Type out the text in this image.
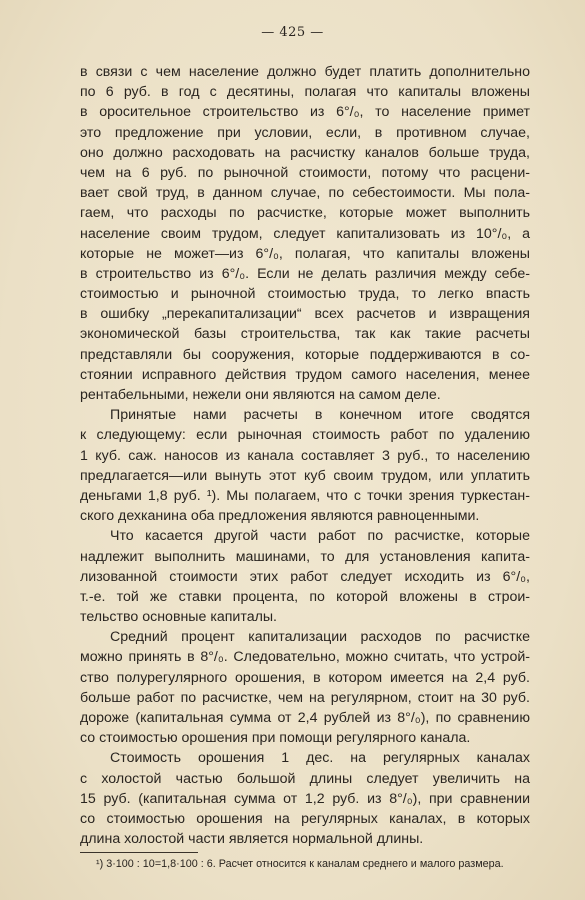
— 425 —
в связи с чем население должно будет платить дополнительно
по 6 руб. в год с десятины, полагая что капиталы вложены
в оросительное строительство из 6°/₀, то население примет
это предложение при условии, если, в противном случае,
оно должно расходовать на расчистку каналов больше труда,
чем на 6 руб. по рыночной стоимости, потому что расцени-
вает свой труд, в данном случае, по себестоимости. Мы пола-
гаем, что расходы по расчистке, которые может выполнить
население своим трудом, следует капитализовать из 10°/₀, а
которые не может—из 6°/₀, полагая, что капиталы вложены
в строительство из 6°/₀. Если не делать различия между себе-
стоимостью и рыночной стоимостью труда, то легко впасть
в ошибку „перекапитализации“ всех расчетов и извращения
экономической базы строительства, так как такие расчеты
представляли бы сооружения, которые поддерживаются в со-
стоянии исправного действия трудом самого населения, менее
рентабельными, нежели они являются на самом деле.
Принятые нами расчеты в конечном итоге сводятся
к следующему: если рыночная стоимость работ по удалению
1 куб. саж. наносов из канала составляет 3 руб., то населению
предлагается—или вынуть этот куб своим трудом, или уплатить
деньгами 1,8 руб. ¹). Мы полагаем, что с точки зрения туркестан-
ского дехканина оба предложения являются равноценными.
Что касается другой части работ по расчистке, которые
надлежит выполнить машинами, то для установления капита-
лизованной стоимости этих работ следует исходить из 6°/₀,
т.-е. той же ставки процента, по которой вложены в строи-
тельство основные капиталы.
Средний процент капитализации расходов по расчистке
можно принять в 8°/₀. Следовательно, можно считать, что устрой-
ство полурегулярного орошения, в котором имеется на 2,4 руб.
больше работ по расчистке, чем на регулярном, стоит на 30 руб.
дороже (капитальная сумма от 2,4 рублей из 8°/₀), по сравнению
со стоимостью орошения при помощи регулярного канала.
Стоимость орошения 1 дес. на регулярных каналах
с холостой частью большой длины следует увеличить на
15 руб. (капитальная сумма от 1,2 руб. из 8°/₀), при сравнении
со стоимостью орошения на регулярных каналах, в которых
длина холостой части является нормальной длины.
¹) 3·100 : 10=1,8·100 : 6. Расчет относится к каналам среднего и малого размера.
